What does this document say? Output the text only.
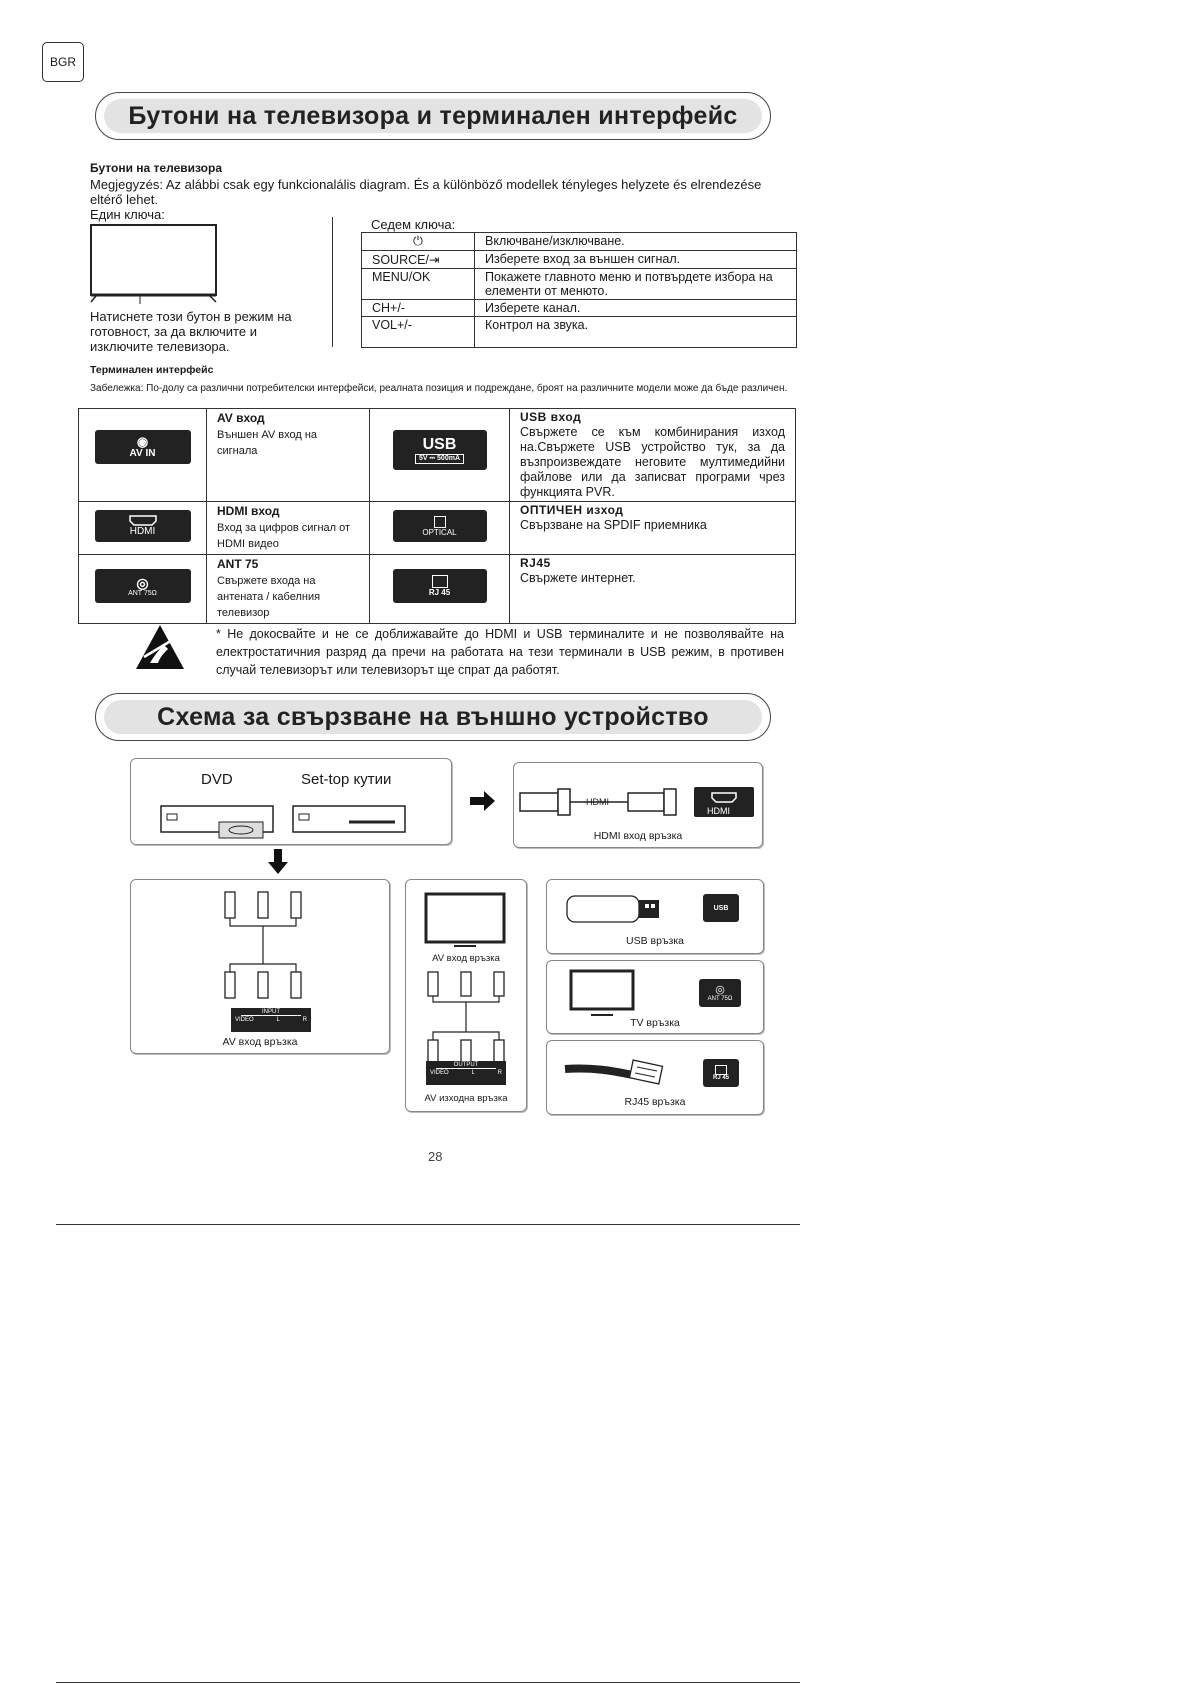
BGR
Бутони на телевизора и терминален интерфейс
Бутони на телевизора
Megjegyzés: Az alábbi csak egy funkcionalális diagram. És a különböző modellek tényleges helyzete és elrendezése eltérő lehet.
Един ключа:
Натиснете този бутон в режим на готовност, за да включите и изключите телевизора.
Седем ключа:
⏻	Включване/изключване.
SOURCE/⇥	Изберете вход за външен сигнал.
MENU/OK	Покажете главното меню и потвърдете избора на елементи от менюто.
CH+/-	Изберете канал.
VOL+/-	Контрол на звука.
Терминален интерфейс
Забележка: По-долу са различни потребителски интерфейси, реалната позиция и подреждане, броят на различните модели може да бъде различен.
◉
AV IN	AV вход
Външен AV вход на сигнала	USB
5V ⎓ 500mA	USB вход
Свържете се към комбинирания изход на.Свържете USB устройство тук, за да възпроизвеждате неговите мултимедийни файлове или да записват програми чрез функцията PVR.

HDMI	HDMI вход
Вход за цифров сигнал от HDMI видео	OPTICAL	ОПТИЧЕН изход
Свързване на SPDIF приемника

◎
ANT 75Ω	ANT 75
Свържете входа на антената / кабелния телевизор	RJ 45	RJ45
Свържете интернет.
* Не докосвайте и не се доближавайте до HDMI и USB терминалите и не позволявайте на електростатичния разряд да пречи на работата на тези терминали в USB режим, в противен случай телевизорът или телевизорът ще спрат да работят.
Схема за свързване на външно устройство
DVD	Set-top кутии
HDMI
HDMI
HDMI вход връзка
INPUT
VIDEO	L	R
AV вход връзка
AV вход връзка
OUTPUT
VIDEO	L	R
AV изходна връзка
USB
USB връзка
◎
ANT 75Ω
TV връзка
RJ 45
RJ45 връзка
28
